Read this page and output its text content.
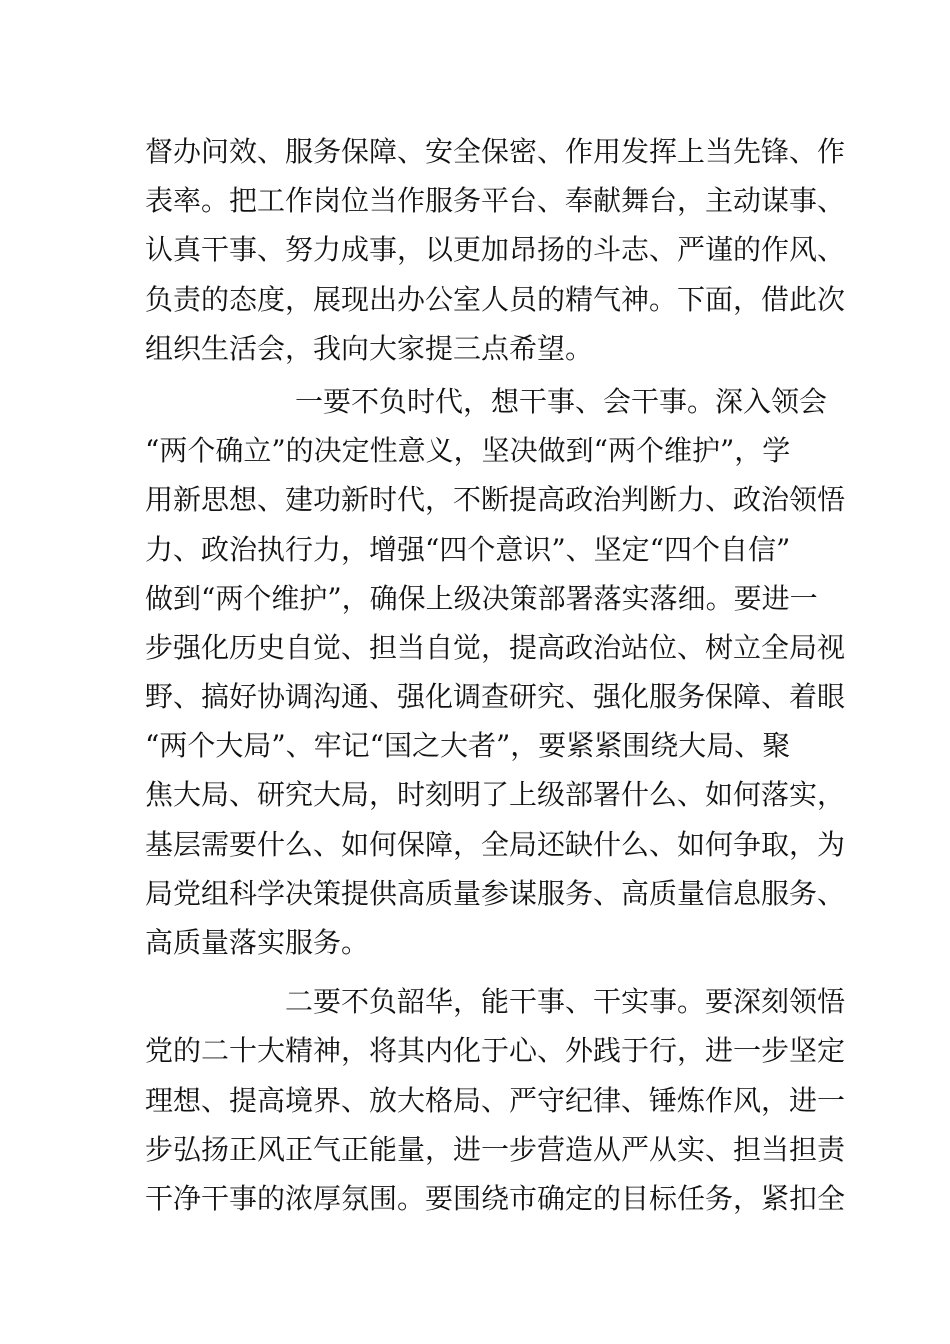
督办问效、服务保障、安全保密、作用发挥上当先锋、作
表率。把工作岗位当作服务平台、奉献舞台，主动谋事、
认真干事、努力成事，以更加昂扬的斗志、严谨的作风、
负责的态度，展现出办公室人员的精气神。下面，借此次
组织生活会，我向大家提三点希望。
一要不负时代，想干事、会干事。深入领会
“两个确立”的决定性意义，坚决做到“两个维护”，学
用新思想、建功新时代，不断提高政治判断力、政治领悟
力、政治执行力，增强“四个意识”、坚定“四个自信”
做到“两个维护”，确保上级决策部署落实落细。要进一
步强化历史自觉、担当自觉，提高政治站位、树立全局视
野、搞好协调沟通、强化调查研究、强化服务保障、着眼
“两个大局”、牢记“国之大者”，要紧紧围绕大局、聚
焦大局、研究大局，时刻明了上级部署什么、如何落实，
基层需要什么、如何保障，全局还缺什么、如何争取，为
局党组科学决策提供高质量参谋服务、高质量信息服务、
高质量落实服务。
二要不负韶华，能干事、干实事。要深刻领悟
党的二十大精神，将其内化于心、外践于行，进一步坚定
理想、提高境界、放大格局、严守纪律、锤炼作风，进一
步弘扬正风正气正能量，进一步营造从严从实、担当担责
干净干事的浓厚氛围。要围绕市确定的目标任务，紧扣全
